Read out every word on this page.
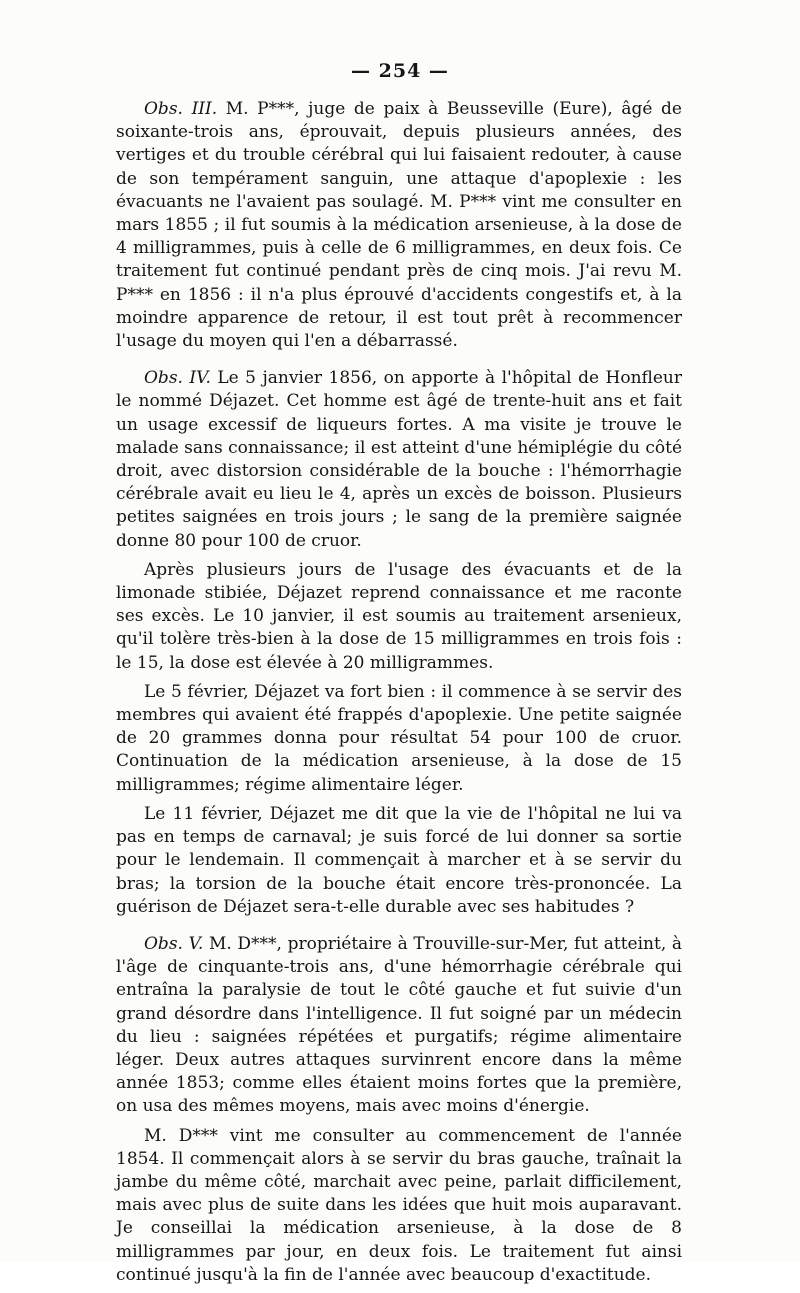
— 254 —

Obs. III. M. P***, juge de paix à Beusseville (Eure), âgé de soixante-trois ans, éprouvait, depuis plusieurs années, des vertiges et du trouble cérébral qui lui faisaient redouter, à cause de son tempérament sanguin, une attaque d'apoplexie : les évacuants ne l'avaient pas soulagé. M. P*** vint me consulter en mars 1855 ; il fut soumis à la médication arsenieuse, à la dose de 4 milligrammes, puis à celle de 6 milligrammes, en deux fois. Ce traitement fut continué pendant près de cinq mois. J'ai revu M. P*** en 1856 : il n'a plus éprouvé d'accidents congestifs et, à la moindre apparence de retour, il est tout prêt à recommencer l'usage du moyen qui l'en a débarrassé.

Obs. IV. Le 5 janvier 1856, on apporte à l'hôpital de Honfleur le nommé Déjazet. Cet homme est âgé de trente-huit ans et fait un usage excessif de liqueurs fortes. A ma visite je trouve le malade sans connaissance; il est atteint d'une hémiplégie du côté droit, avec distorsion considérable de la bouche : l'hémorrhagie cérébrale avait eu lieu le 4, après un excès de boisson. Plusieurs petites saignées en trois jours ; le sang de la première saignée donne 80 pour 100 de cruor.

Après plusieurs jours de l'usage des évacuants et de la limonade stibiée, Déjazet reprend connaissance et me raconte ses excès. Le 10 janvier, il est soumis au traitement arsenieux, qu'il tolère très-bien à la dose de 15 milligrammes en trois fois : le 15, la dose est élevée à 20 milligrammes.

Le 5 février, Déjazet va fort bien : il commence à se servir des membres qui avaient été frappés d'apoplexie. Une petite saignée de 20 grammes donna pour résultat 54 pour 100 de cruor. Continuation de la médication arsenieuse, à la dose de 15 milligrammes; régime alimentaire léger.

Le 11 février, Déjazet me dit que la vie de l'hôpital ne lui va pas en temps de carnaval; je suis forcé de lui donner sa sortie pour le lendemain. Il commençait à marcher et à se servir du bras; la torsion de la bouche était encore très-prononcée. La guérison de Déjazet sera-t-elle durable avec ses habitudes ?

Obs. V. M. D***, propriétaire à Trouville-sur-Mer, fut atteint, à l'âge de cinquante-trois ans, d'une hémorrhagie cérébrale qui entraîna la paralysie de tout le côté gauche et fut suivie d'un grand désordre dans l'intelligence. Il fut soigné par un médecin du lieu : saignées répétées et purgatifs; régime alimentaire léger. Deux autres attaques survinrent encore dans la même année 1853; comme elles étaient moins fortes que la première, on usa des mêmes moyens, mais avec moins d'énergie.

M. D*** vint me consulter au commencement de l'année 1854. Il commençait alors à se servir du bras gauche, traînait la jambe du même côté, marchait avec peine, parlait difficilement, mais avec plus de suite dans les idées que huit mois auparavant. Je conseillai la médication arsenieuse, à la dose de 8 milligrammes par jour, en deux fois. Le traitement fut ainsi continué jusqu'à la fin de l'année avec beaucoup d'exactitude.
